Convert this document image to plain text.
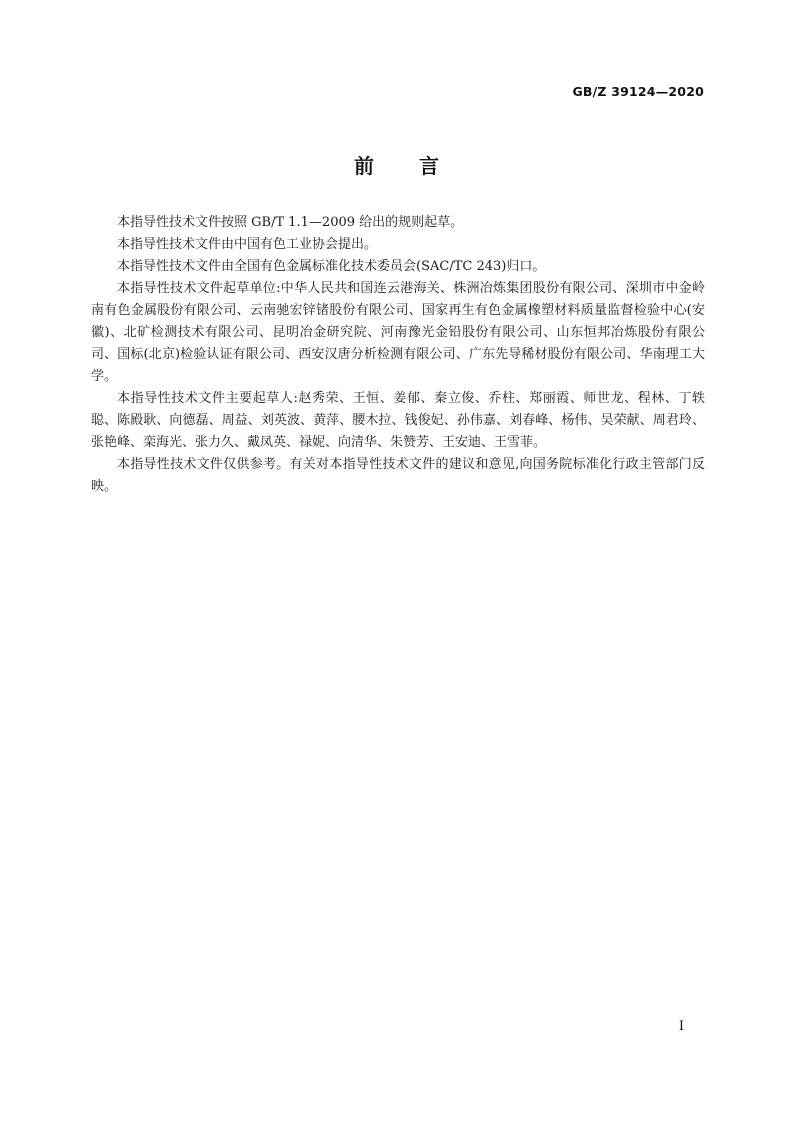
GB/Z 39124—2020
前 言

本指导性技术文件按照 GB/T 1.1—2009 给出的规则起草。

本指导性技术文件由中国有色工业协会提出。

本指导性技术文件由全国有色金属标准化技术委员会(SAC/TC 243)归口。

本指导性技术文件起草单位:中华人民共和国连云港海关、株洲冶炼集团股份有限公司、深圳市中金岭南有色金属股份有限公司、云南驰宏锌锗股份有限公司、国家再生有色金属橡塑材料质量监督检验中心(安徽)、北矿检测技术有限公司、昆明冶金研究院、河南豫光金铅股份有限公司、山东恒邦冶炼股份有限公司、国标(北京)检验认证有限公司、西安汉唐分析检测有限公司、广东先导稀材股份有限公司、华南理工大学。

本指导性技术文件主要起草人:赵秀荣、王恒、姜郁、秦立俊、乔柱、郑丽霞、师世龙、程林、丁轶聪、陈殿耿、向德磊、周益、刘英波、黄萍、腰木拉、钱俊妃、孙伟嘉、刘春峰、杨伟、吴荣献、周君玲、张艳峰、栾海光、张力久、戴凤英、禄妮、向清华、朱赞芳、王安迪、王雪菲。

本指导性技术文件仅供参考。有关对本指导性技术文件的建议和意见,向国务院标准化行政主管部门反映。

I
